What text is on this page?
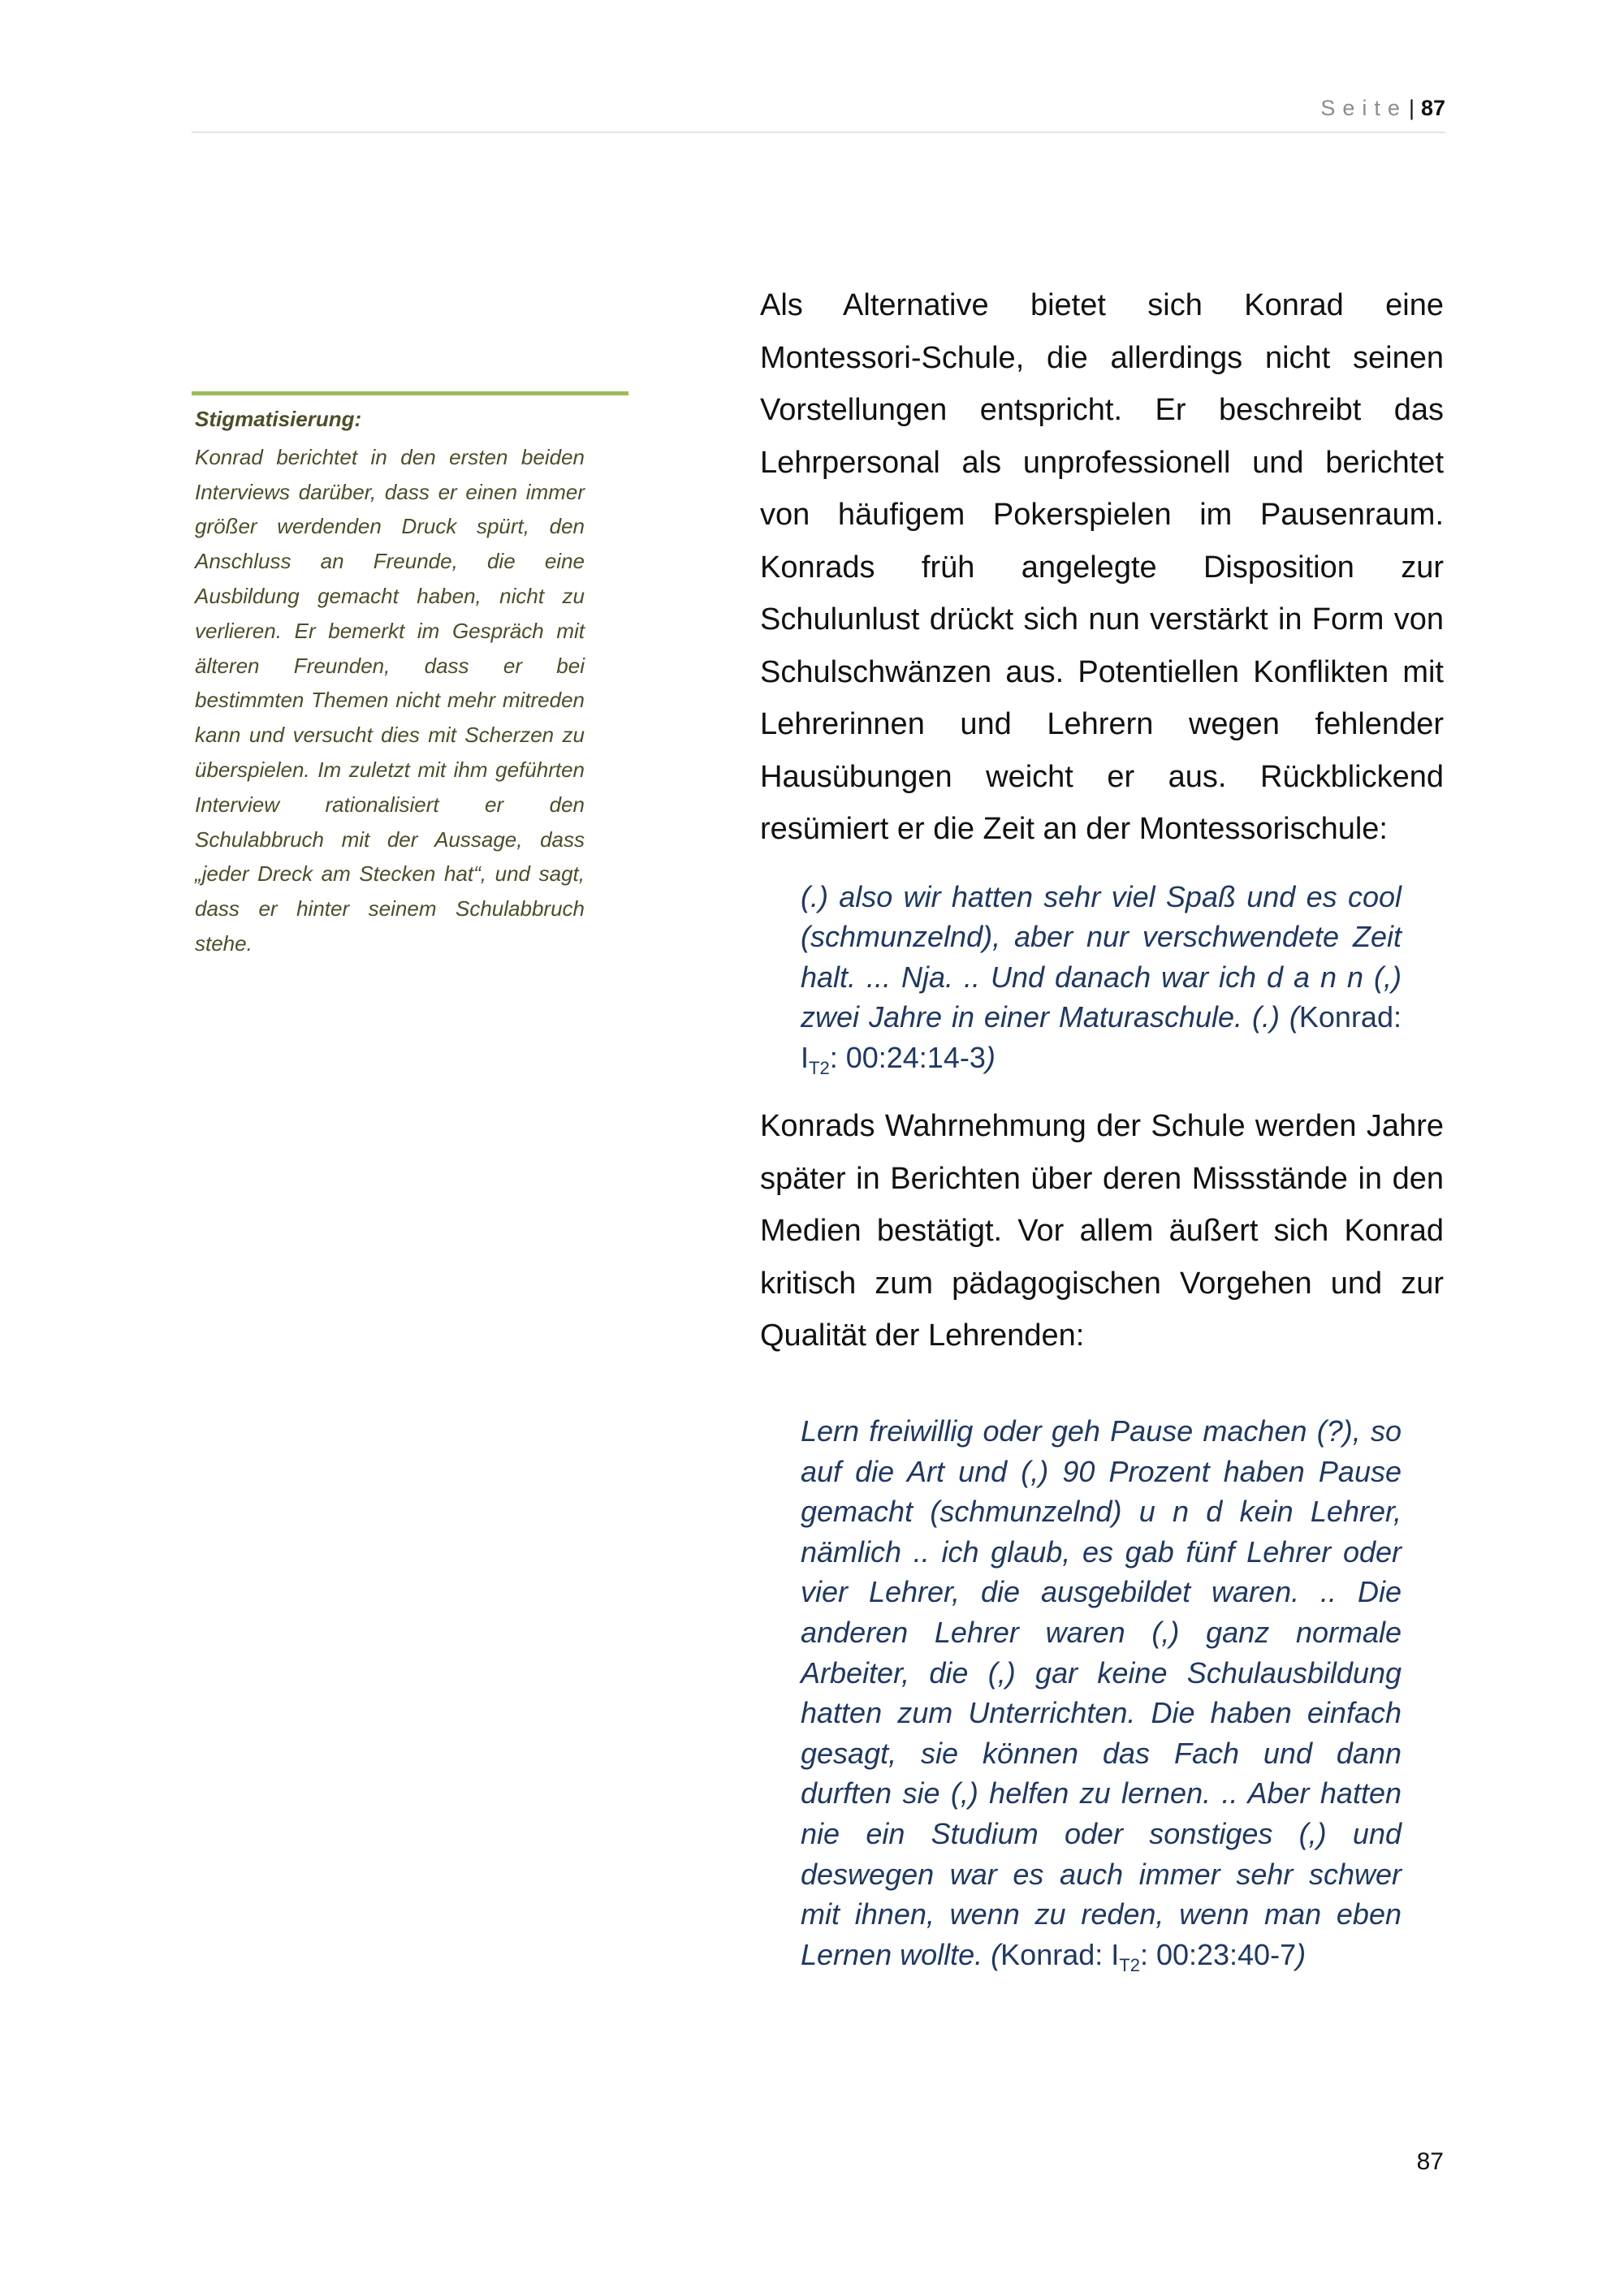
Seite| 87
Stigmatisierung:
Konrad berichtet in den ersten beiden Interviews darüber, dass er einen immer größer werdenden Druck spürt, den Anschluss an Freunde, die eine Ausbildung gemacht haben, nicht zu verlieren. Er bemerkt im Gespräch mit älteren Freunden, dass er bei bestimmten Themen nicht mehr mitreden kann und versucht dies mit Scherzen zu überspielen. Im zuletzt mit ihm geführten Interview rationalisiert er den Schulabbruch mit der Aussage, dass „jeder Dreck am Stecken hat“, und sagt, dass er hinter seinem Schulabbruch stehe.

Als Alternative bietet sich Konrad eine Montessori-Schule, die allerdings nicht seinen Vorstellungen entspricht. Er beschreibt das Lehrpersonal als unprofessionell und berichtet von häufigem Pokerspielen im Pausenraum. Konrads früh angelegte Disposition zur Schulunlust drückt sich nun verstärkt in Form von Schulschwänzen aus. Potentiellen Konflikten mit Lehrerinnen und Lehrern wegen fehlender Hausübungen weicht er aus. Rückblickend resümiert er die Zeit an der Montessorischule:

(.) also wir hatten sehr viel Spaß und es cool (schmunzelnd), aber nur verschwendete Zeit halt. ... Nja. .. Und danach war ich d a n n (,) zwei Jahre in einer Maturaschule. (.) (Konrad: $I_{T2}$: 00:24:14-3)

Konrads Wahrnehmung der Schule werden Jahre später in Berichten über deren Missstände in den Medien bestätigt. Vor allem äußert sich Konrad kritisch zum pädagogischen Vorgehen und zur Qualität der Lehrenden:

Lern freiwillig oder geh Pause machen (?), so auf die Art und (,) 90 Prozent haben Pause gemacht (schmunzelnd) u n d kein Lehrer, nämlich .. ich glaub, es gab fünf Lehrer oder vier Lehrer, die ausgebildet waren. .. Die anderen Lehrer waren (,) ganz normale Arbeiter, die (,) gar keine Schulausbildung hatten zum Unterrichten. Die haben einfach gesagt, sie können das Fach und dann durften sie (,) helfen zu lernen. .. Aber hatten nie ein Studium oder sonstiges (,) und deswegen war es auch immer sehr schwer mit ihnen, wenn zu reden, wenn man eben Lernen wollte. (Konrad: $I_{T2}$: 00:23:40-7)
87
